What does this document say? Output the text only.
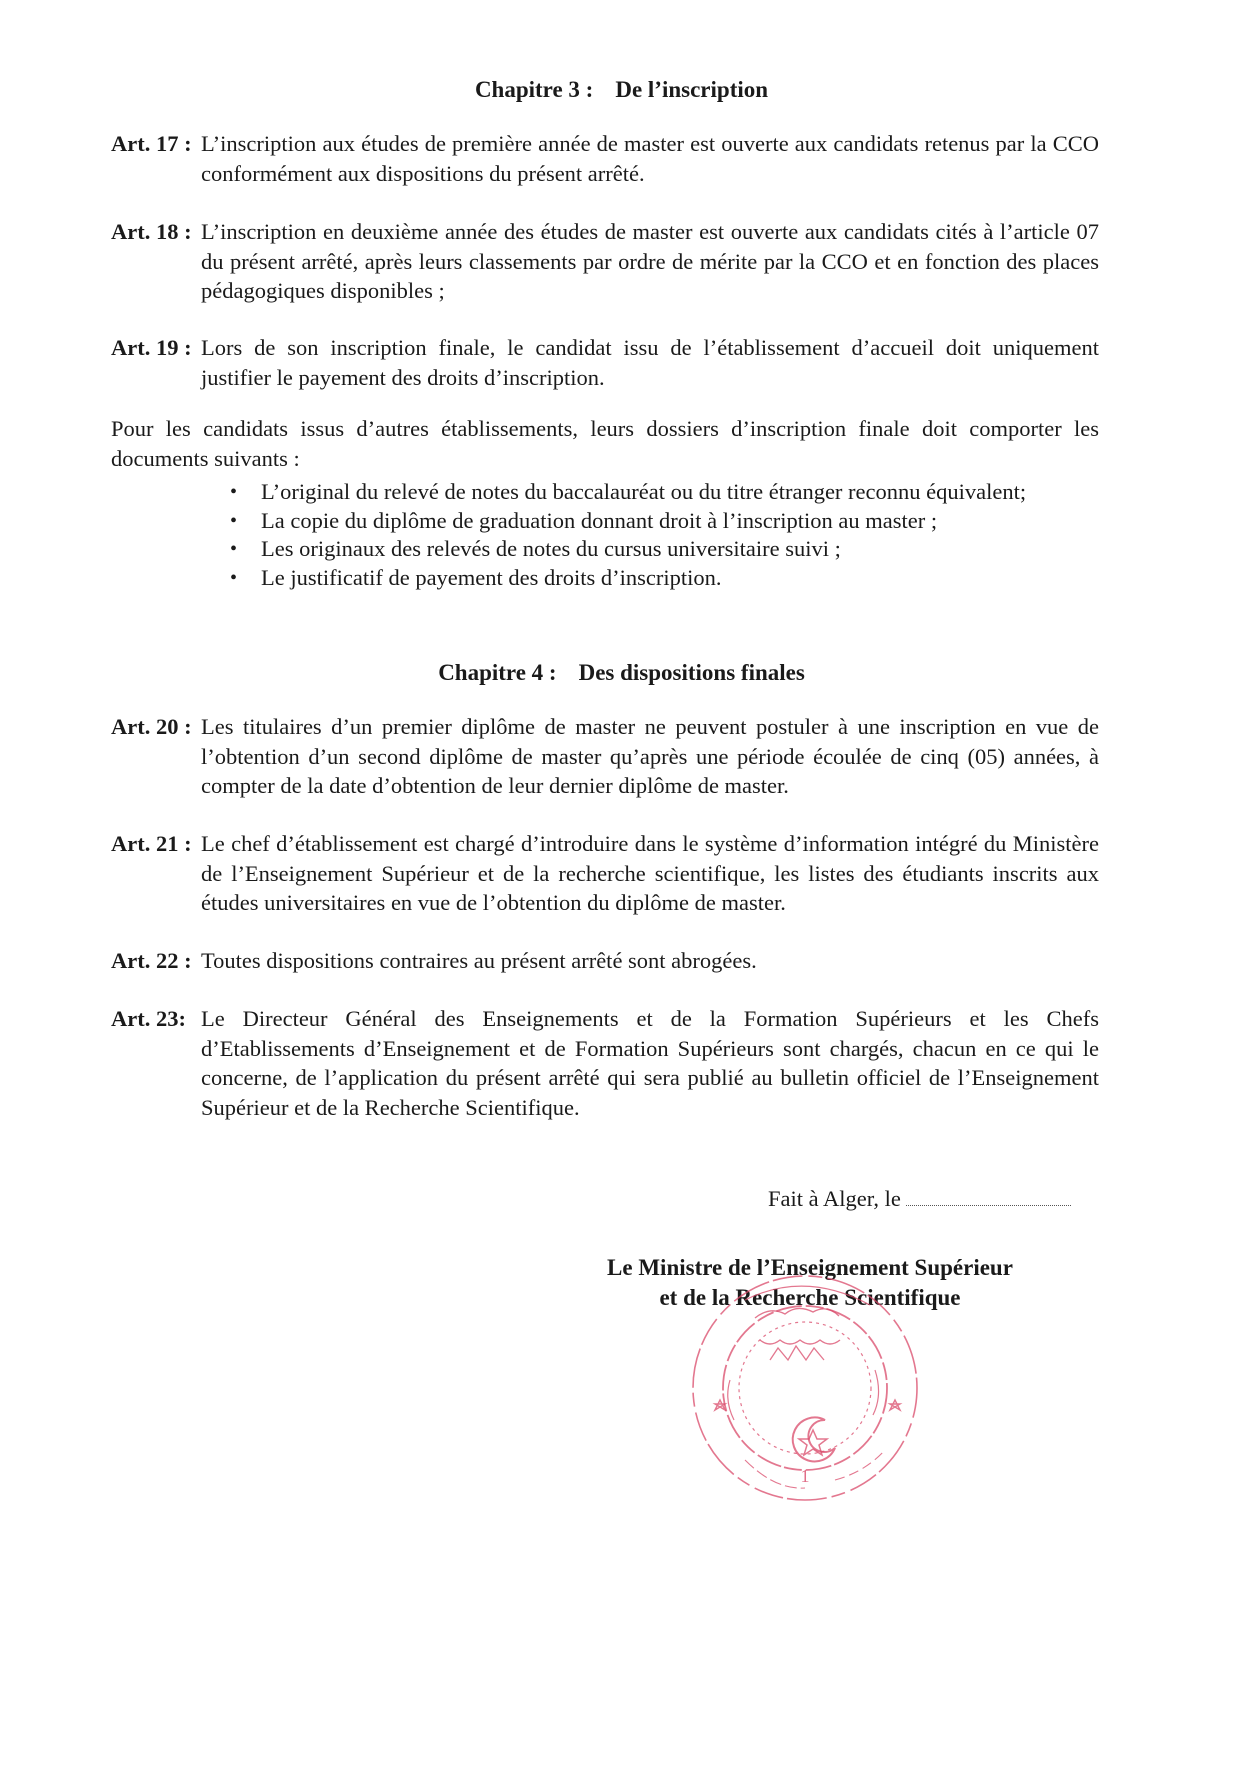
Chapitre 3 : De l’inscription
Art. 17 : L’inscription aux études de première année de master est ouverte aux candidats retenus par la CCO conformément aux dispositions du présent arrêté.
Art. 18 : L’inscription en deuxième année des études de master est ouverte aux candidats cités à l’article 07 du présent arrêté, après leurs classements par ordre de mérite par la CCO et en fonction des places pédagogiques disponibles ;
Art. 19 : Lors de son inscription finale, le candidat issu de l’établissement d’accueil doit uniquement justifier le payement des droits d’inscription.
Pour les candidats issus d’autres établissements, leurs dossiers d’inscription finale doit comporter les documents suivants :
• L’original du relevé de notes du baccalauréat ou du titre étranger reconnu équivalent;
• La copie du diplôme de graduation donnant droit à l’inscription au master ;
• Les originaux des relevés de notes du cursus universitaire suivi ;
• Le justificatif de payement des droits d’inscription.
Chapitre 4 : Des dispositions finales
Art. 20 : Les titulaires d’un premier diplôme de master ne peuvent postuler à une inscription en vue de l’obtention d’un second diplôme de master qu’après une période écoulée de cinq (05) années, à compter de la date d’obtention de leur dernier diplôme de master.
Art. 21 : Le chef d’établissement est chargé d’introduire dans le système d’information intégré du Ministère de l’Enseignement Supérieur et de la recherche scientifique, les listes des étudiants inscrits aux études universitaires en vue de l’obtention du diplôme de master.
Art. 22 : Toutes dispositions contraires au présent arrêté sont abrogées.
Art. 23: Le Directeur Général des Enseignements et de la Formation Supérieurs et les Chefs d’Etablissements d’Enseignement et de Formation Supérieurs sont chargés, chacun en ce qui le concerne, de l’application du présent arrêté qui sera publié au bulletin officiel de l’Enseignement Supérieur et de la Recherche Scientifique.
Fait à Alger, le
Le Ministre de l’Enseignement Supérieur
et de la Recherche Scientifique
1
